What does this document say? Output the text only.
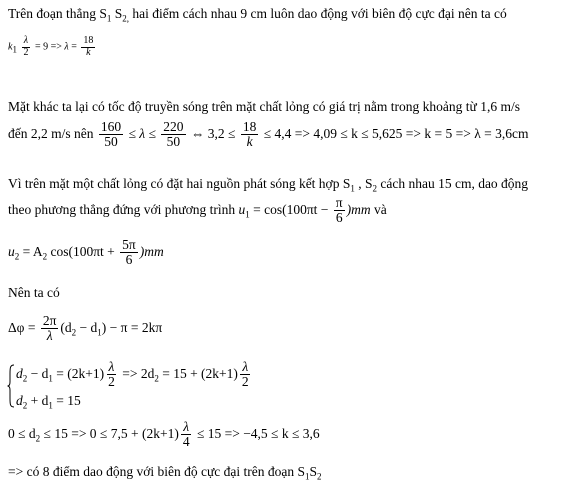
Trên đoạn thẳng $S_1$ $S_{2,}$ hai điểm cách nhau 9 cm luôn dao động với biên độ cực đại nên ta có
$k_1 \frac{\lambda}{2} = 9 => \lambda = \frac{18}{k}$
Mặt khác ta lại có tốc độ truyền sóng trên mặt chất lỏng có giá trị nằm trong khoảng từ 1,6 m/s
đến 2,2 m/s nên $\frac{160}{50} \le \lambda \le \frac{220}{50}$ ⇔ $3,2 \le \frac{18}{k} \le 4,4 => 4,09 \le k \le 5,625 => k = 5 => \lambda = 3,6cm$
Vì trên mặt một chất lỏng có đặt hai nguồn phát sóng kết hợp $S_1$ , $S_2$ cách nhau 15 cm, dao động
theo phương thẳng đứng với phương trình $u_1 = \cos(100\pi t - \frac{\pi}{6} )mm$ và
$u_2 = A_2$ $\cos(100\pi t + \frac{5\pi}{6} )mm$
Nên ta có
$\Delta\varphi = \frac{2\pi}{\lambda} (d_2 - d_1) - \pi = 2k\pi$
$d_2 - d_1 = (2k+1) \frac{\lambda}{2} => 2d_2 = 15 + (2k+1) \frac{\lambda}{2}$
$d_2 + d_1 = 15$
$0 \le d_2 \le 15 => 0 \le 7,5 + (2k+1) \frac{\lambda}{4} \le 15 => -4,5 \le k \le 3,6$
=> có 8 điểm dao động với biên độ cực đại trên đoạn $S_1S_2$
